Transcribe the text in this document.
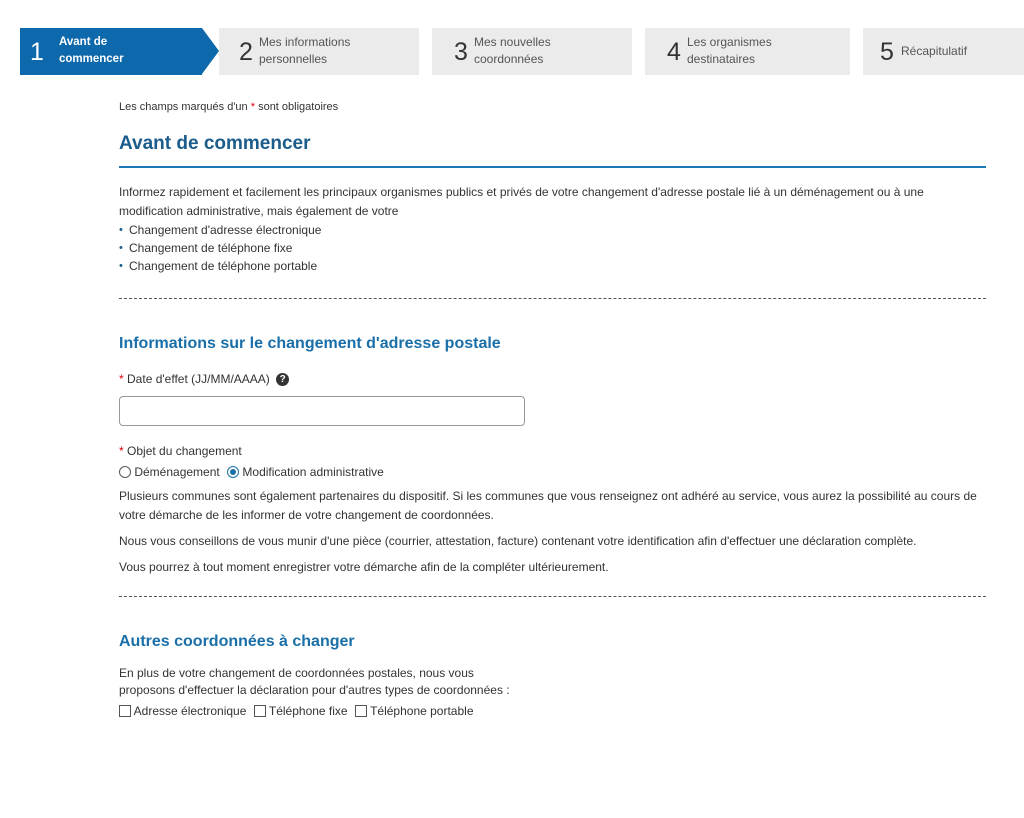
1 Avant de
commencer	2 Mes informations
personnelles	3 Mes nouvelles
coordonnées	4 Les organismes
destinataires	5 Récapitulatif

Les champs marqués d'un * sont obligatoires

Avant de commencer

Informez rapidement et facilement les principaux organismes publics et privés de votre changement d'adresse postale lié à un déménagement ou à une modification administrative, mais également de votre

• Changement d'adresse électronique
• Changement de téléphone fixe
• Changement de téléphone portable
Informations sur le changement d'adresse postale
* Date d'effet (JJ/MM/AAAA) ?
* Objet du changement
Déménagement Modification administrative

Plusieurs communes sont également partenaires du dispositif. Si les communes que vous renseignez ont adhéré au service, vous aurez la possibilité au cours de votre démarche de les informer de votre changement de coordonnées.

Nous vous conseillons de vous munir d'une pièce (courrier, attestation, facture) contenant votre identification afin d'effectuer une déclaration complète.

Vous pourrez à tout moment enregistrer votre démarche afin de la compléter ultérieurement.

Autres coordonnées à changer

En plus de votre changement de coordonnées postales, nous vous proposons d'effectuer la déclaration pour d'autres types de coordonnées :

Adresse électronique Téléphone fixe Téléphone portable
